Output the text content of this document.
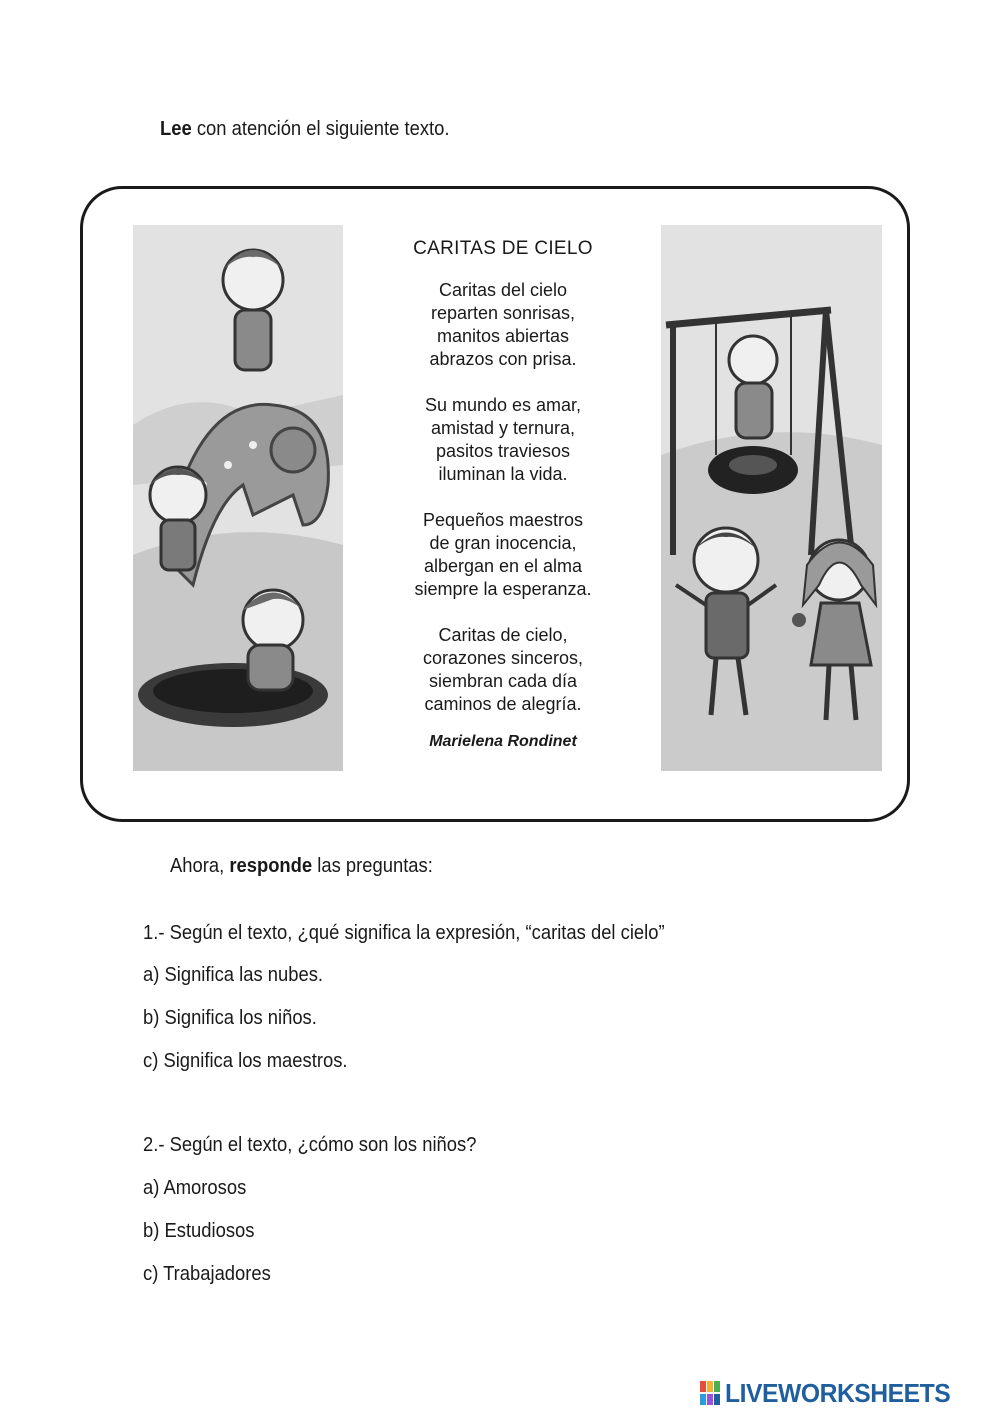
Lee con atención el siguiente texto.
CARITAS DE CIELO
Caritas del cielo
reparten sonrisas,
manitos abiertas
abrazos con prisa.
Su mundo es amar,
amistad y ternura,
pasitos traviesos
iluminan la vida.
Pequeños maestros
de gran inocencia,
albergan en el alma
siempre la esperanza.
Caritas de cielo,
corazones sinceros,
siembran cada día
caminos de alegría.
Marielena Rondinet
Ahora, responde las preguntas:
1.- Según el texto, ¿qué significa la expresión, “caritas del cielo”
a) Significa las nubes.
b) Significa los niños.
c) Significa los maestros.
2.- Según el texto, ¿cómo son los niños?
a) Amorosos
b) Estudiosos
c) Trabajadores
LIVEWORKSHEETS
